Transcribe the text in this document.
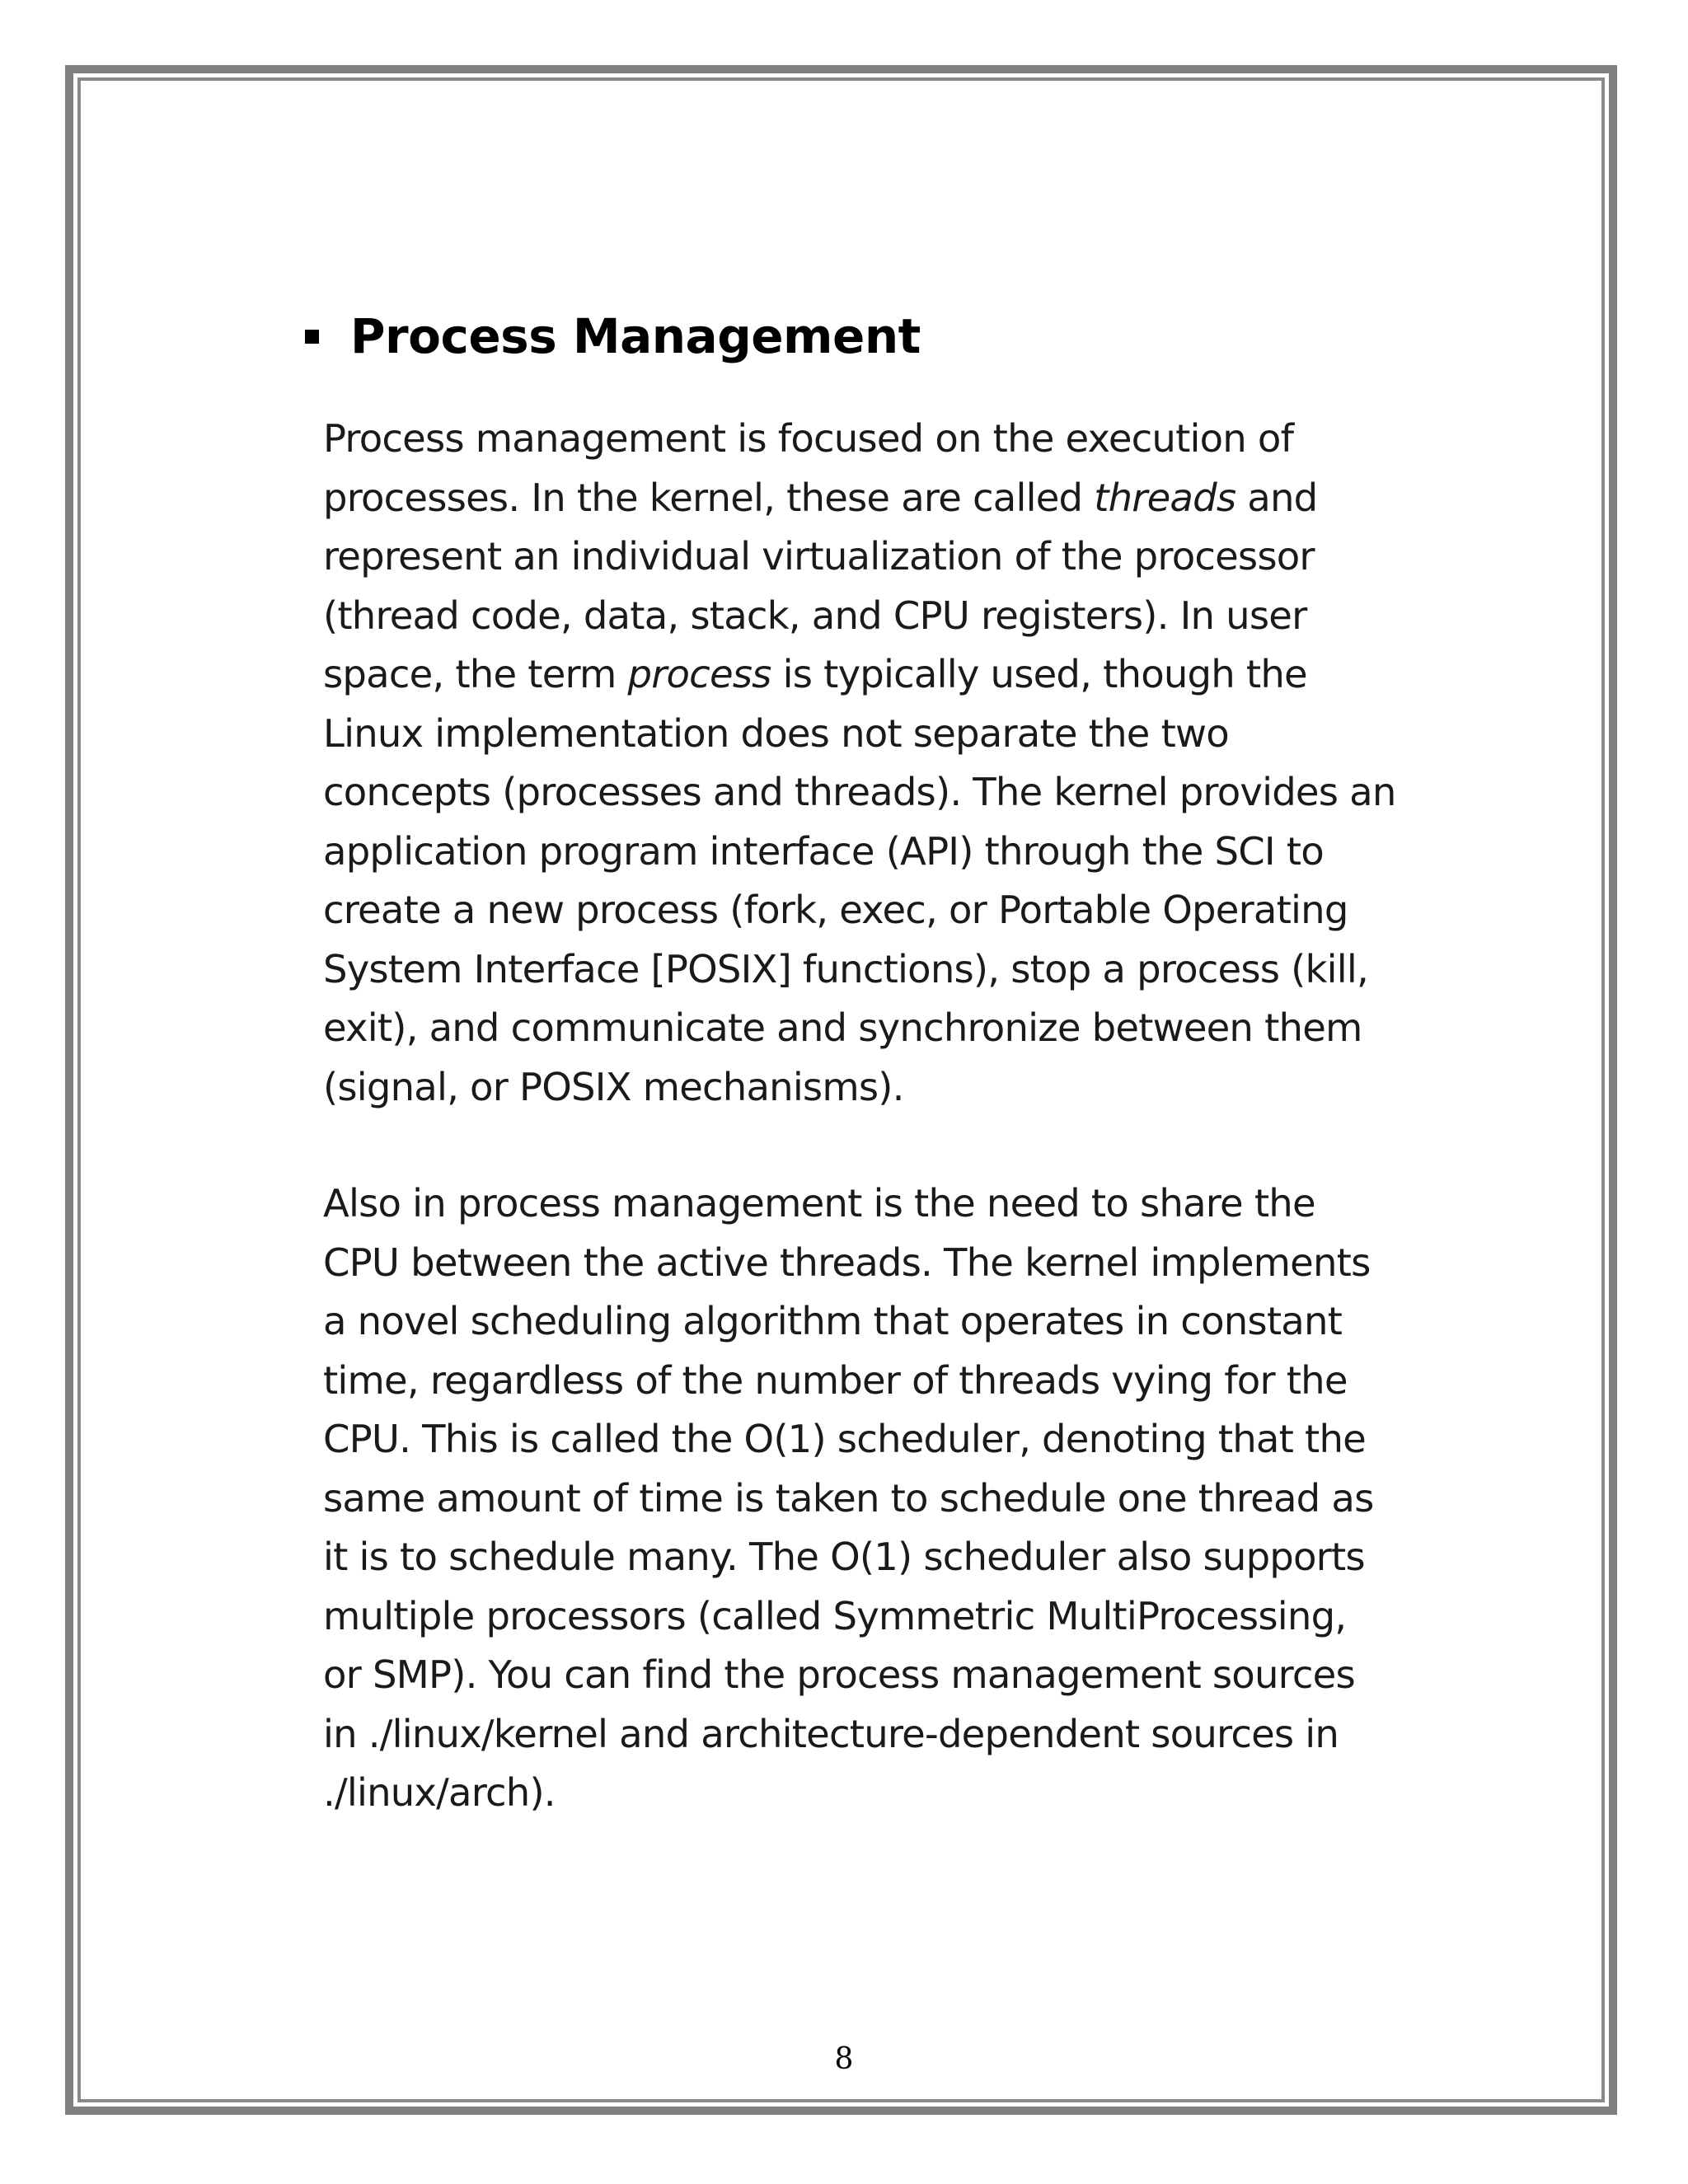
Process Management
Process management is focused on the execution of
processes. In the kernel, these are called threads and
represent an individual virtualization of the processor
(thread code, data, stack, and CPU registers). In user
space, the term process is typically used, though the
Linux implementation does not separate the two
concepts (processes and threads). The kernel provides an
application program interface (API) through the SCI to
create a new process (fork, exec, or Portable Operating
System Interface [POSIX] functions), stop a process (kill,
exit), and communicate and synchronize between them
(signal, or POSIX mechanisms).
Also in process management is the need to share the
CPU between the active threads. The kernel implements
a novel scheduling algorithm that operates in constant
time, regardless of the number of threads vying for the
CPU. This is called the O(1) scheduler, denoting that the
same amount of time is taken to schedule one thread as
it is to schedule many. The O(1) scheduler also supports
multiple processors (called Symmetric MultiProcessing,
or SMP). You can find the process management sources
in ./linux/kernel and architecture-dependent sources in
./linux/arch).
8
